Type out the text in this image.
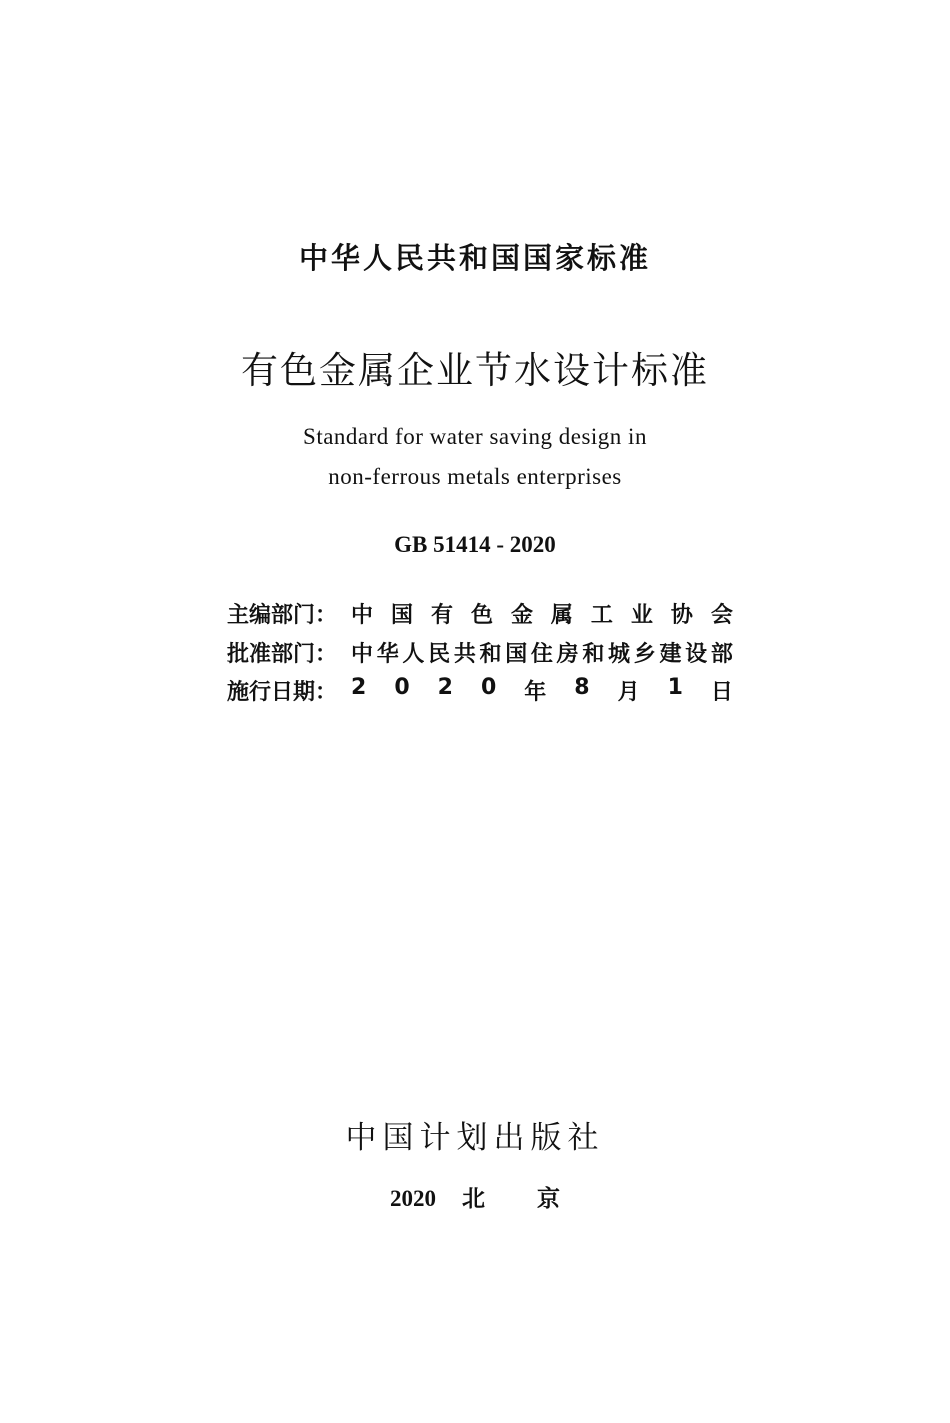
中华人民共和国国家标准
有色金属企业节水设计标准
Standard for water saving design in
non-ferrous metals enterprises
GB 51414 - 2020
主编部门： 中 国 有 色 金 属 工 业 协 会
批准部门： 中 华 人 民 共 和 国 住 房 和 城 乡 建 设 部
施行日期： 2 0 2 0 年 8 月 1 日
中国计划出版社
2020 北 京
